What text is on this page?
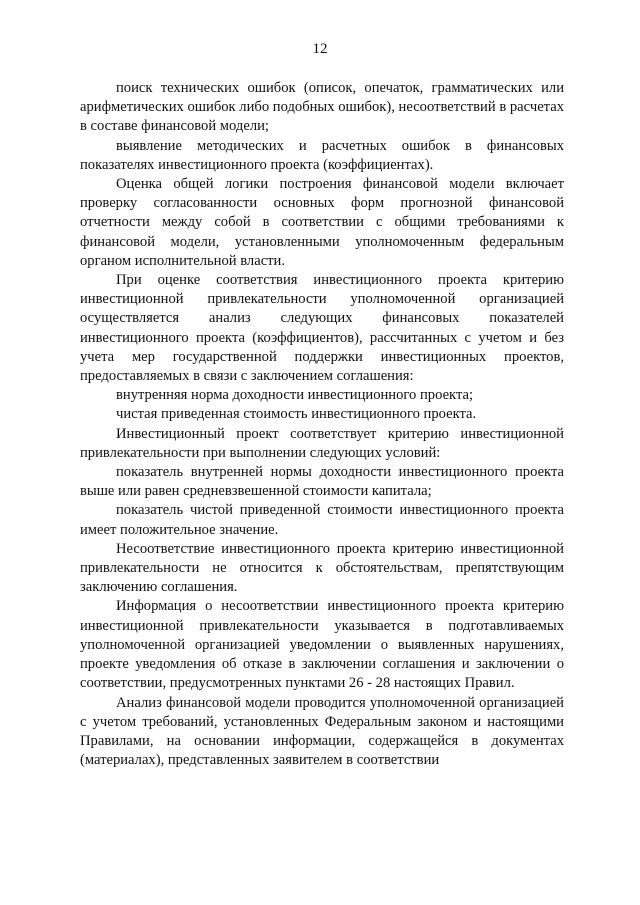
12

поиск технических ошибок (описок, опечаток, грамматических или арифметических ошибок либо подобных ошибок), несоответствий в расчетах в составе финансовой модели;

выявление методических и расчетных ошибок в финансовых показателях инвестиционного проекта (коэффициентах).

Оценка общей логики построения финансовой модели включает проверку согласованности основных форм прогнозной финансовой отчетности между собой в соответствии с общими требованиями к финансовой модели, установленными уполномоченным федеральным органом исполнительной власти.

При оценке соответствия инвестиционного проекта критерию инвестиционной привлекательности уполномоченной организацией осуществляется анализ следующих финансовых показателей инвестиционного проекта (коэффициентов), рассчитанных с учетом и без учета мер государственной поддержки инвестиционных проектов, предоставляемых в связи с заключением соглашения:

внутренняя норма доходности инвестиционного проекта;

чистая приведенная стоимость инвестиционного проекта.

Инвестиционный проект соответствует критерию инвестиционной привлекательности при выполнении следующих условий:

показатель внутренней нормы доходности инвестиционного проекта выше или равен средневзвешенной стоимости капитала;

показатель чистой приведенной стоимости инвестиционного проекта имеет положительное значение.

Несоответствие инвестиционного проекта критерию инвестиционной привлекательности не относится к обстоятельствам, препятствующим заключению соглашения.

Информация о несоответствии инвестиционного проекта критерию инвестиционной привлекательности указывается в подготавливаемых уполномоченной организацией уведомлении о выявленных нарушениях, проекте уведомления об отказе в заключении соглашения и заключении о соответствии, предусмотренных пунктами 26 - 28 настоящих Правил.

Анализ финансовой модели проводится уполномоченной организацией с учетом требований, установленных Федеральным законом и настоящими Правилами, на основании информации, содержащейся в документах (материалах), представленных заявителем в соответствии
